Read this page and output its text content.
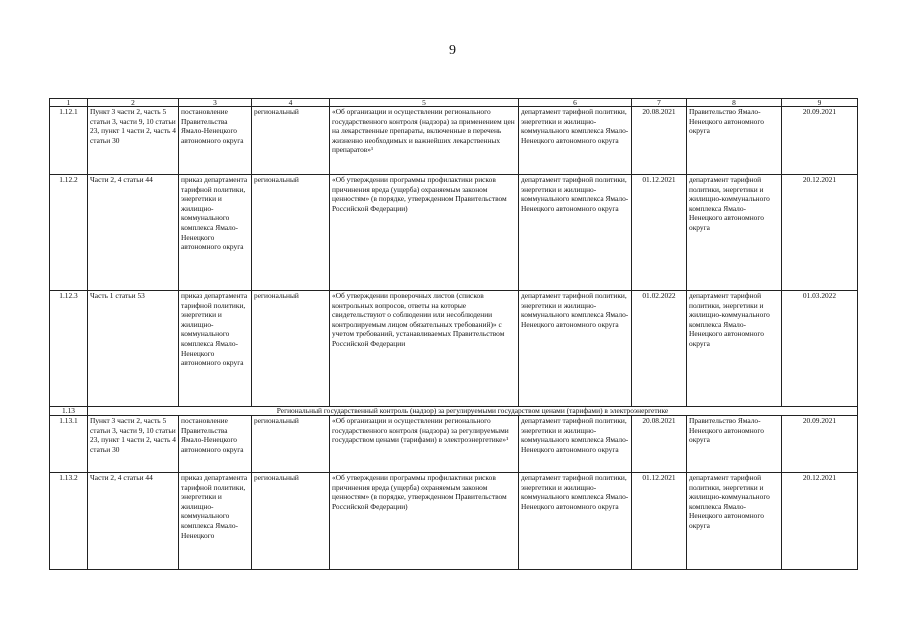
9
1	2	3	4	5	6	7	8	9
1.12.1	Пункт 3 части 2, часть 5 статьи 3, части 9, 10 статьи 23, пункт 1 части 2, часть 4 статьи 30	постановление Правительства Ямало-Ненецкого автономного округа	региональный	«Об организации и осуществлении регионального государственного контроля (надзора) за применением цен на лекарственные препараты, включенные в перечень жизненно необходимых и важнейших лекарственных препаратов»¹	департамент тарифной политики, энергетики и жилищно-коммунального комплекса Ямало-Ненецкого автономного округа	20.08.2021	Правительство Ямало-Ненецкого автономного округа	20.09.2021
1.12.2	Части 2, 4 статьи 44	приказ департамента тарифной политики, энергетики и жилищно-коммунального комплекса Ямало-Ненецкого автономного округа	региональный	«Об утверждении программы профилактики рисков причинения вреда (ущерба) охраняемым законом ценностям» (в порядке, утвержденном Правительством Российской Федерации)	департамент тарифной политики, энергетики и жилищно-коммунального комплекса Ямало-Ненецкого автономного округа	01.12.2021	департамент тарифной политики, энергетики и жилищно-коммунального комплекса Ямало-Ненецкого автономного округа	20.12.2021
1.12.3	Часть 1 статьи 53	приказ департамента тарифной политики, энергетики и жилищно-коммунального комплекса Ямало-Ненецкого автономного округа	региональный	«Об утверждении проверочных листов (списков контрольных вопросов, ответы на которые свидетельствуют о соблюдении или несоблюдении контролируемым лицом обязательных требований)» с учетом требований, устанавливаемых Правительством Российской Федерации	департамент тарифной политики, энергетики и жилищно-коммунального комплекса Ямало-Ненецкого автономного округа	01.02.2022	департамент тарифной политики, энергетики и жилищно-коммунального комплекса Ямало-Ненецкого автономного округа	01.03.2022
1.13	Региональный государственный контроль (надзор) за регулируемыми государством ценами (тарифами) в электроэнергетике							
1.13.1	Пункт 3 части 2, часть 5 статьи 3, части 9, 10 статьи 23, пункт 1 части 2, часть 4 статьи 30	постановление Правительства Ямало-Ненецкого автономного округа	региональный	«Об организации и осуществлении регионального государственного контроля (надзора) за регулируемыми государством ценами (тарифами) в электроэнергетике»¹	департамент тарифной политики, энергетики и жилищно-коммунального комплекса Ямало-Ненецкого автономного округа	20.08.2021	Правительство Ямало-Ненецкого автономного округа	20.09.2021
1.13.2	Части 2, 4 статьи 44	приказ департамента тарифной политики, энергетики и жилищно-коммунального комплекса Ямало-Ненецкого	региональный	«Об утверждении программы профилактики рисков причинения вреда (ущерба) охраняемым законом ценностям» (в порядке, утвержденном Правительством Российской Федерации)	департамент тарифной политики, энергетики и жилищно-коммунального комплекса Ямало-Ненецкого автономного округа	01.12.2021	департамент тарифной политики, энергетики и жилищно-коммунального комплекса Ямало-Ненецкого автономного округа	20.12.2021
